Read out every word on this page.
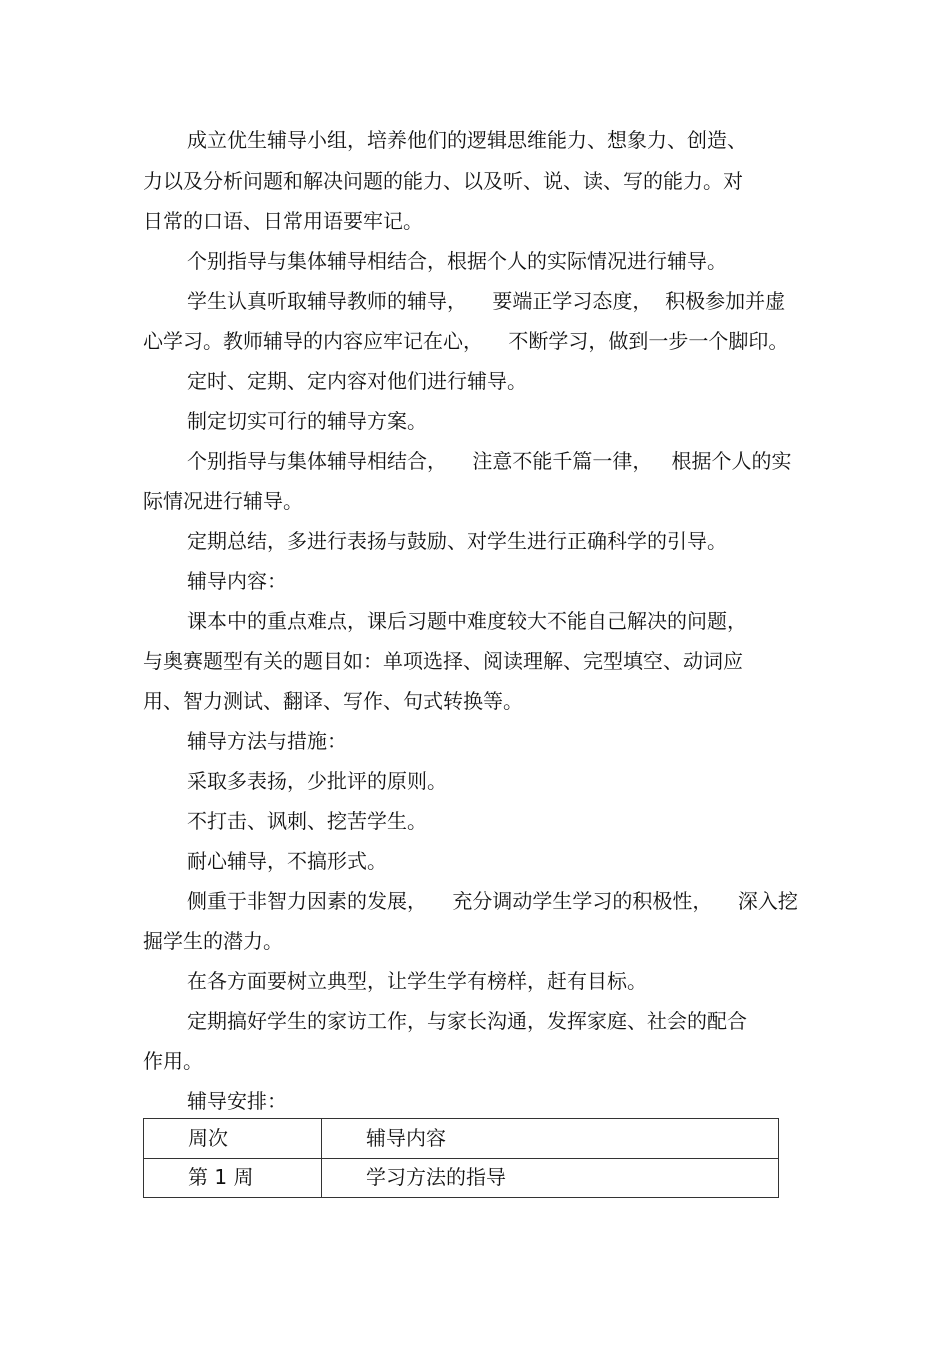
成立优生辅导小组，培养他们的逻辑思维能力、想象力、创造、
力以及分析问题和解决问题的能力、以及听、说、读、写的能力。对
日常的口语、日常用语要牢记。
个别指导与集体辅导相结合，根据个人的实际情况进行辅导。
学生认真听取辅导教师的辅导，    要端正学习态度，  积极参加并虚
心学习。教师辅导的内容应牢记在心，    不断学习，做到一步一个脚印。
定时、定期、定内容对他们进行辅导。
制定切实可行的辅导方案。
个别指导与集体辅导相结合，    注意不能千篇一律，   根据个人的实
际情况进行辅导。
定期总结，多进行表扬与鼓励、对学生进行正确科学的引导。
辅导内容：
课本中的重点难点，课后习题中难度较大不能自己解决的问题，
与奥赛题型有关的题目如：单项选择、阅读理解、完型填空、动词应
用、智力测试、翻译、写作、句式转换等。
辅导方法与措施：
采取多表扬，少批评的原则。
不打击、讽刺、挖苦学生。
耐心辅导，不搞形式。
侧重于非智力因素的发展，    充分调动学生学习的积极性，    深入挖
掘学生的潜力。
在各方面要树立典型，让学生学有榜样，赶有目标。
定期搞好学生的家访工作，与家长沟通，发挥家庭、社会的配合
作用。
辅导安排：
周次	辅导内容
第 1 周	学习方法的指导
